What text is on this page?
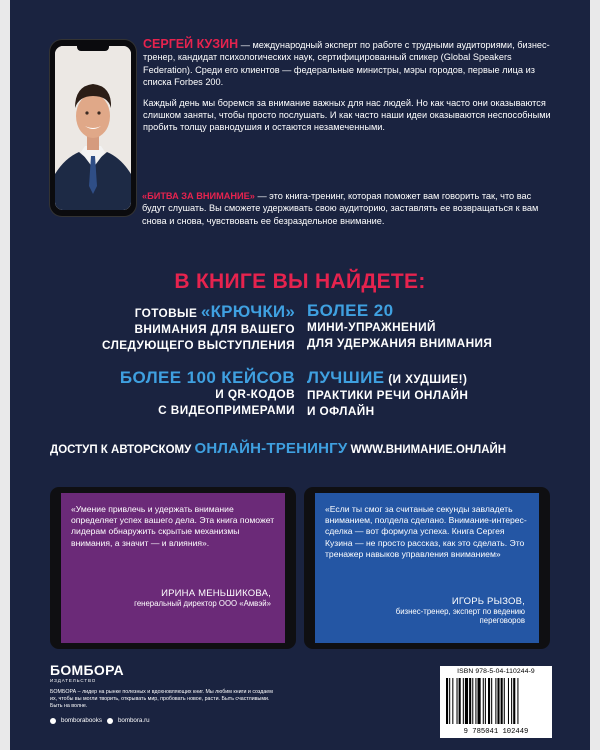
СЕРГЕЙ КУЗИН — международный эксперт по работе с трудными аудиториями, бизнес-тренер, кандидат психологических наук, сертифицированный спикер (Global Speakers Federation). Среди его клиентов — федеральные министры, мэры городов, первые лица из списка Forbes 200.

Каждый день мы боремся за внимание важных для нас людей. Но как часто они оказываются слишком заняты, чтобы просто послушать. И как часто наши идеи оказываются неспособными пробить толщу равнодушия и остаются незамеченными.

«БИТВА ЗА ВНИМАНИЕ» — это книга-тренинг, которая поможет вам говорить так, что вас будут слушать. Вы сможете удерживать свою аудиторию, заставлять ее возвращаться к вам снова и снова, чувствовать ее безраздельное внимание.
В КНИГЕ ВЫ НАЙДЕТЕ:
ГОТОВЫЕ «КРЮЧКИ»
ВНИМАНИЯ ДЛЯ ВАШЕГО
СЛЕДУЮЩЕГО ВЫСТУПЛЕНИЯ
БОЛЕЕ 20
МИНИ-УПРАЖНЕНИЙ
ДЛЯ УДЕРЖАНИЯ ВНИМАНИЯ
БОЛЕЕ 100 КЕЙСОВ
И QR-КОДОВ
С ВИДЕОПРИМЕРАМИ
ЛУЧШИЕ (И ХУДШИЕ!)
ПРАКТИКИ РЕЧИ ОНЛАЙН
И ОФЛАЙН
ДОСТУП К АВТОРСКОМУ ОНЛАЙН-ТРЕНИНГУ WWW.ВНИМАНИЕ.ОНЛАЙН
«Умение привлечь и удержать внимание определяет успех вашего дела. Эта книга поможет лидерам обнаружить скрытые механизмы внимания, а значит — и влияния».
ИРИНА МЕНЬШИКОВА,
генеральный директор ООО «Амвэй»
«Если ты смог за считаные секунды завладеть вниманием, полдела сделано. Внимание-интерес-сделка — вот формула успеха. Книга Сергея Кузина — не просто рассказ, как это сделать. Это тренажер навыков управления вниманием»
ИГОРЬ РЫЗОВ,
бизнес-тренер, эксперт по ведению переговоров
БОМБОРА
ИЗДАТЕЛЬСТВО
БОМБОРА – лидер на рынке полезных и вдохновляющих книг. Мы любим книги и создаем их, чтобы вы могли творить, открывать мир, пробовать новое, расти. Быть счастливыми. Быть на волне.
bomborabooks	bombora.ru
ISBN 978-5-04-110244-9
9 785041 102449
